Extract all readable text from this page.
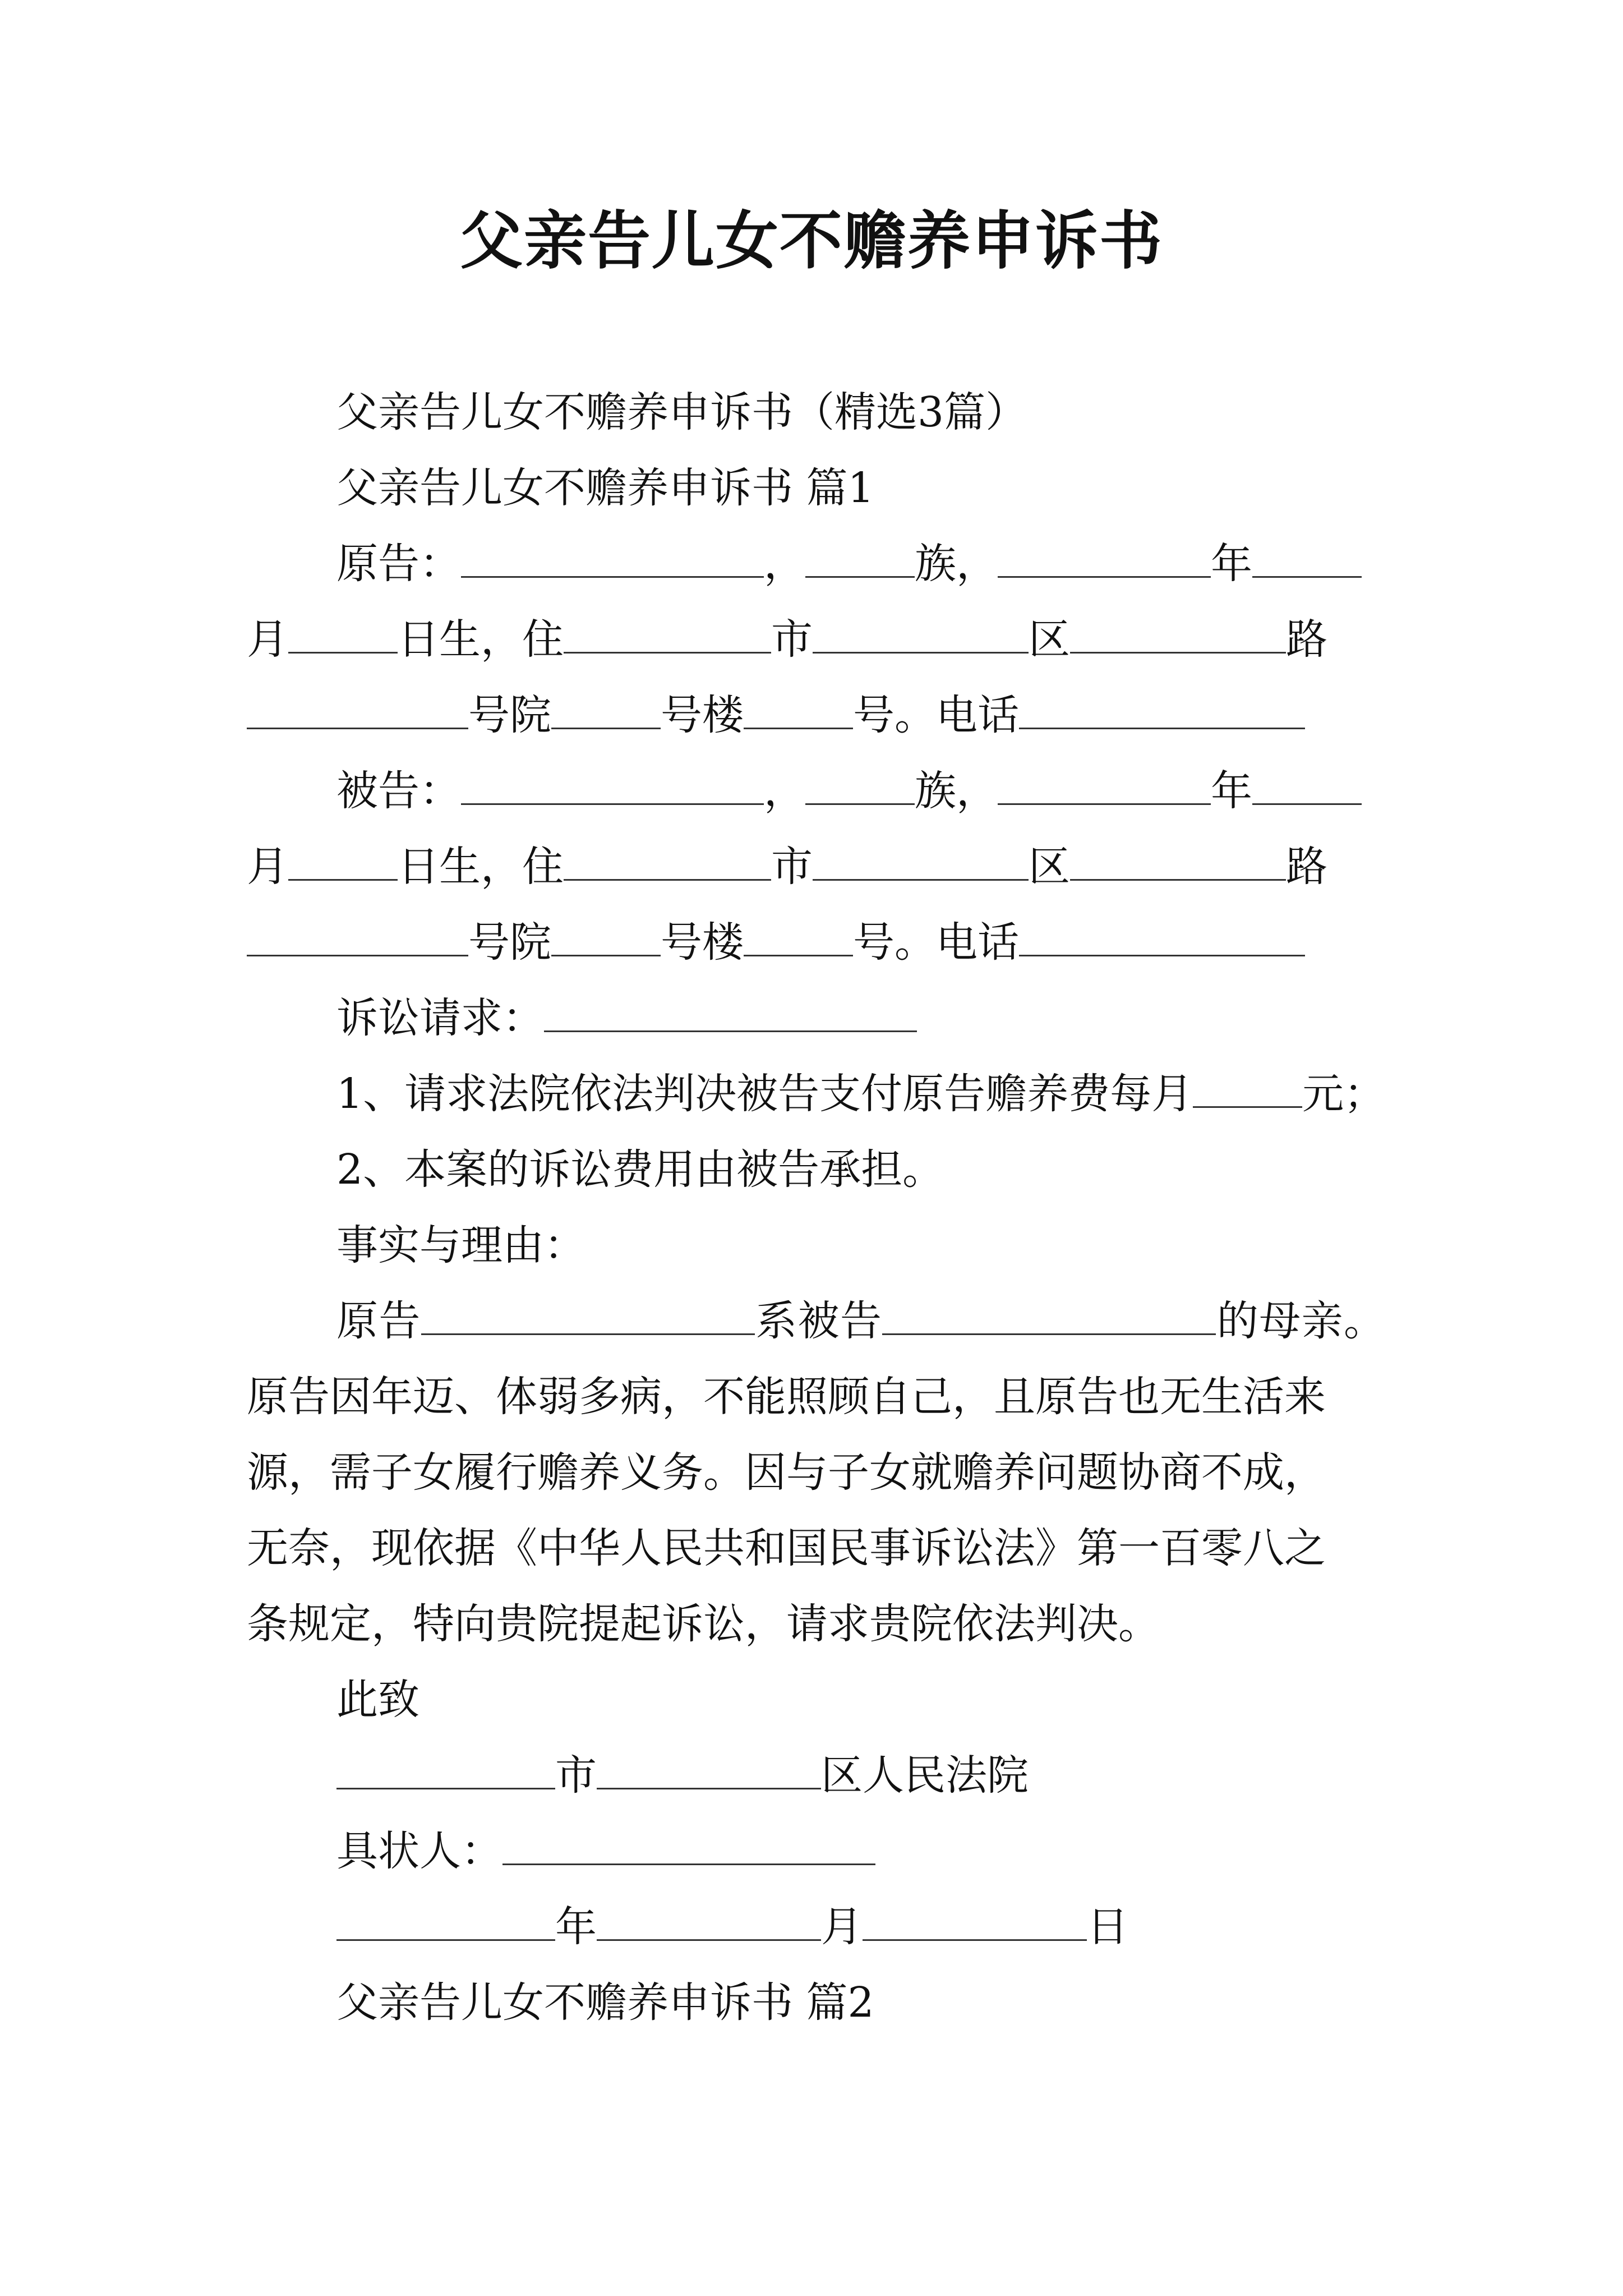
父亲告儿女不赡养申诉书
父亲告儿女不赡养申诉书（精选3篇）
父亲告儿女不赡养申诉书 篇1
原告：	，	族，	年
月	日生，住	市	区	路
号院	号楼	号。电话
被告：	，	族，	年
月	日生，住	市	区	路
号院	号楼	号。电话
诉讼请求：
1、请求法院依法判决被告支付原告赡养费每月	元；
2、本案的诉讼费用由被告承担。
事实与理由：
原告	系被告	的母亲。
原告因年迈、体弱多病，不能照顾自己，且原告也无生活来
源，需子女履行赡养义务。因与子女就赡养问题协商不成，
无奈，现依据《中华人民共和国民事诉讼法》第一百零八之
条规定，特向贵院提起诉讼，请求贵院依法判决。
此致
市	区人民法院
具状人：
年	月	日
父亲告儿女不赡养申诉书 篇2
